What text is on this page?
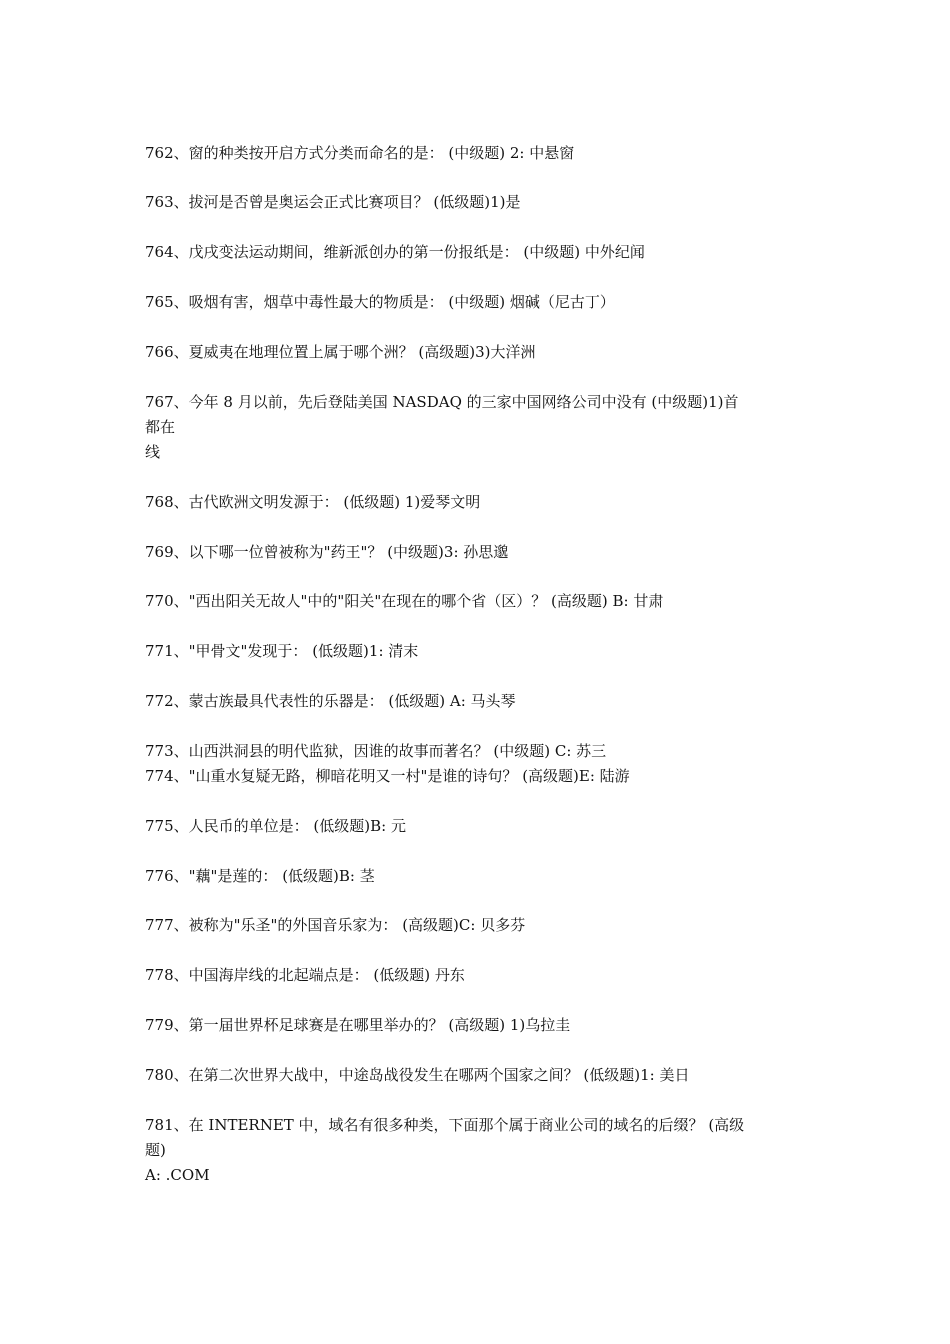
762、窗的种类按开启方式分类而命名的是： (中级题) 2: 中悬窗
763、拔河是否曾是奥运会正式比赛项目？ (低级题)1)是
764、戊戌变法运动期间，维新派创办的第一份报纸是： (中级题) 中外纪闻
765、吸烟有害，烟草中毒性最大的物质是： (中级题) 烟碱（尼古丁）
766、夏威夷在地理位置上属于哪个洲？ (高级题)3)大洋洲
767、今年 8 月以前，先后登陆美国 NASDAQ 的三家中国网络公司中没有 (中级题)1)首
都在
线
768、古代欧洲文明发源于： (低级题) 1)爱琴文明
769、以下哪一位曾被称为"药王"？ (中级题)3: 孙思邈
770、"西出阳关无故人"中的"阳关"在现在的哪个省（区）？ (高级题) B: 甘肃
771、"甲骨文"发现于： (低级题)1: 清末
772、蒙古族最具代表性的乐器是： (低级题) A: 马头琴
773、山西洪洞县的明代监狱，因谁的故事而著名？ (中级题) C: 苏三
774、"山重水复疑无路，柳暗花明又一村"是谁的诗句？ (高级题)E: 陆游
775、人民币的单位是： (低级题)B: 元
776、"藕"是莲的： (低级题)B: 茎
777、被称为"乐圣"的外国音乐家为： (高级题)C: 贝多芬
778、中国海岸线的北起端点是： (低级题) 丹东
779、第一届世界杯足球赛是在哪里举办的？ (高级题) 1)乌拉圭
780、在第二次世界大战中，中途岛战役发生在哪两个国家之间？ (低级题)1: 美日
781、在 INTERNET 中，域名有很多种类，下面那个属于商业公司的域名的后缀？ (高级
题)
A: .COM
